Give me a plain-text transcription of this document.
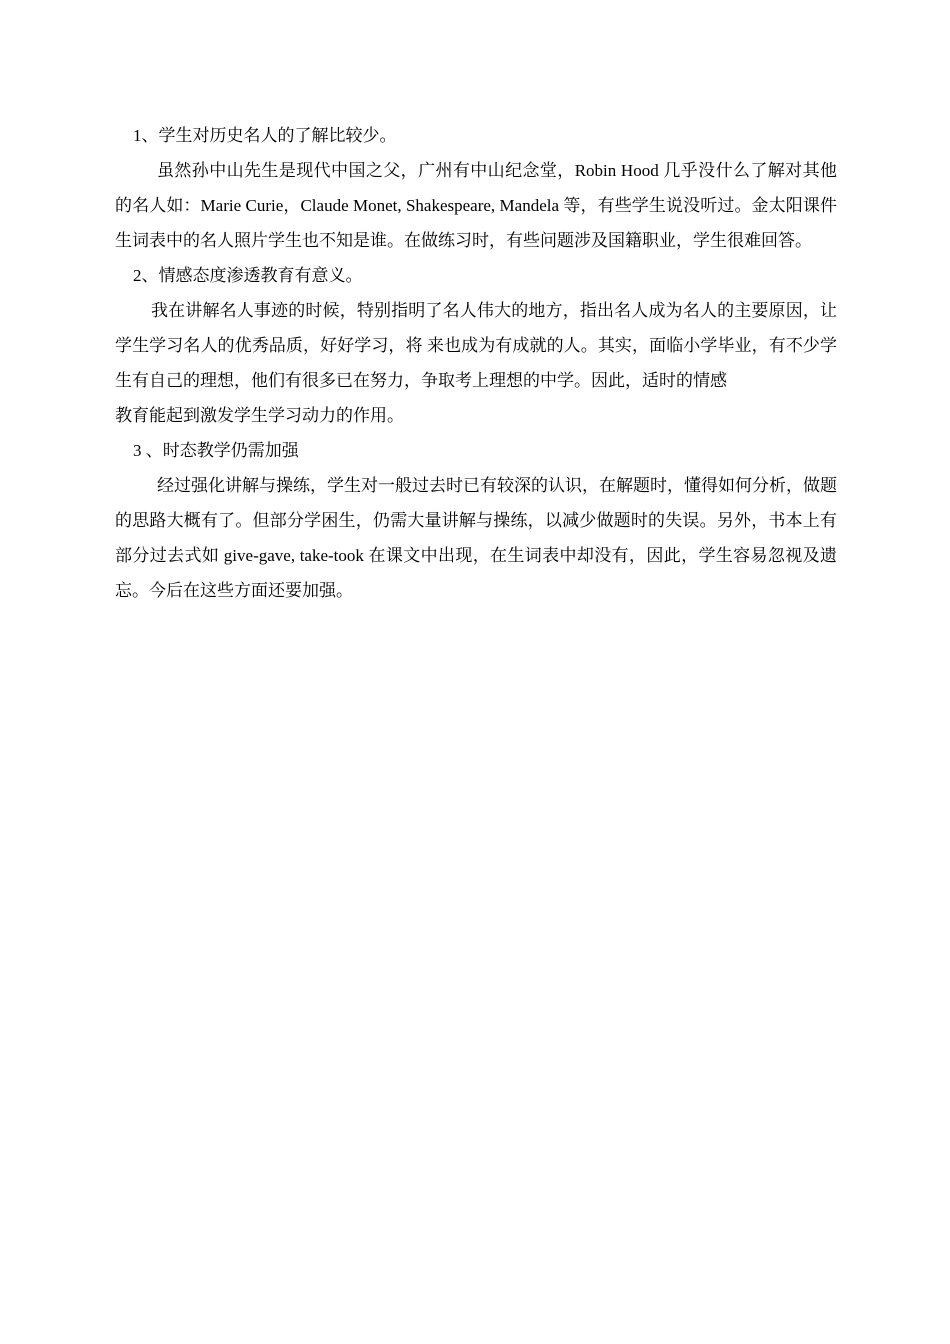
1、学生对历史名人的了解比较少。

虽然孙中山先生是现代中国之父，广州有中山纪念堂，Robin Hood 几乎没什么了解对其他的名人如：Marie Curie，Claude Monet, Shakespeare, Mandela 等，有些学生说没听过。金太阳课件生词表中的名人照片学生也不知是谁。在做练习时，有些问题涉及国籍职业，学生很难回答。

2、情感态度渗透教育有意义。

我在讲解名人事迹的时候，特别指明了名人伟大的地方，指出名人成为名人的主要原因，让学生学习名人的优秀品质，好好学习，将 来也成为有成就的人。其实，面临小学毕业，有不少学生有自己的理想，他们有很多已在努力，争取考上理想的中学。因此，适时的情感

教育能起到激发学生学习动力的作用。

3 、时态教学仍需加强

经过强化讲解与操练，学生对一般过去时已有较深的认识，在解题时，懂得如何分析，做题的思路大概有了。但部分学困生，仍需大量讲解与操练，以减少做题时的失误。另外，书本上有部分过去式如 give-gave, take-took 在课文中出现，在生词表中却没有，因此，学生容易忽视及遗忘。今后在这些方面还要加强。
